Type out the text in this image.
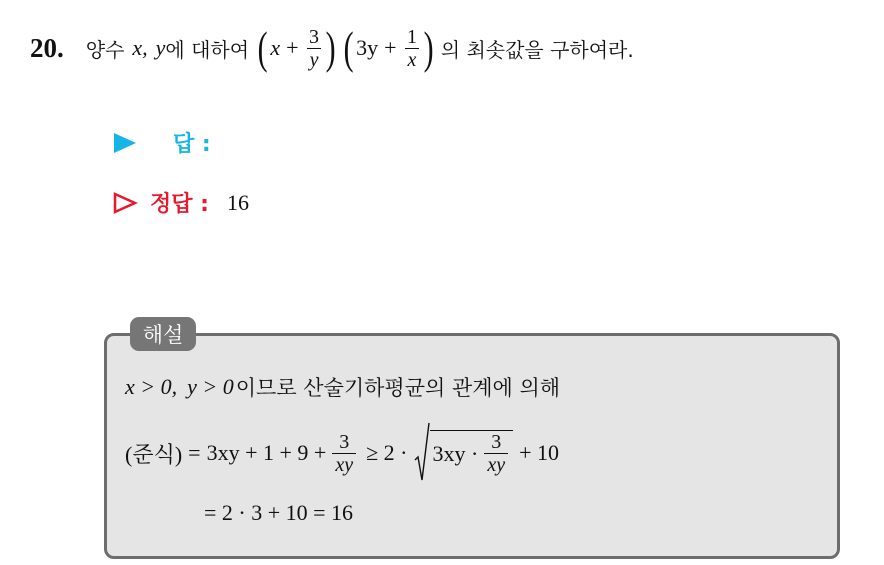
20. 양수 x, y 에 대하여 ( $x + \frac{3}{y}$ ) ( $3y + \frac{1}{x}$ ) 의 최솟값을 구하여라.
답 :
정답 : 16
해설
x > 0, y > 0 이므로 산술기하평균의 관계에 의해
(준식) = $3xy + 1 + 9 + \frac{3}{xy} \ge 2 \cdot 3xy \cdot \frac{3}{xy} + 10$
= 2 · 3 + 10 = 16
